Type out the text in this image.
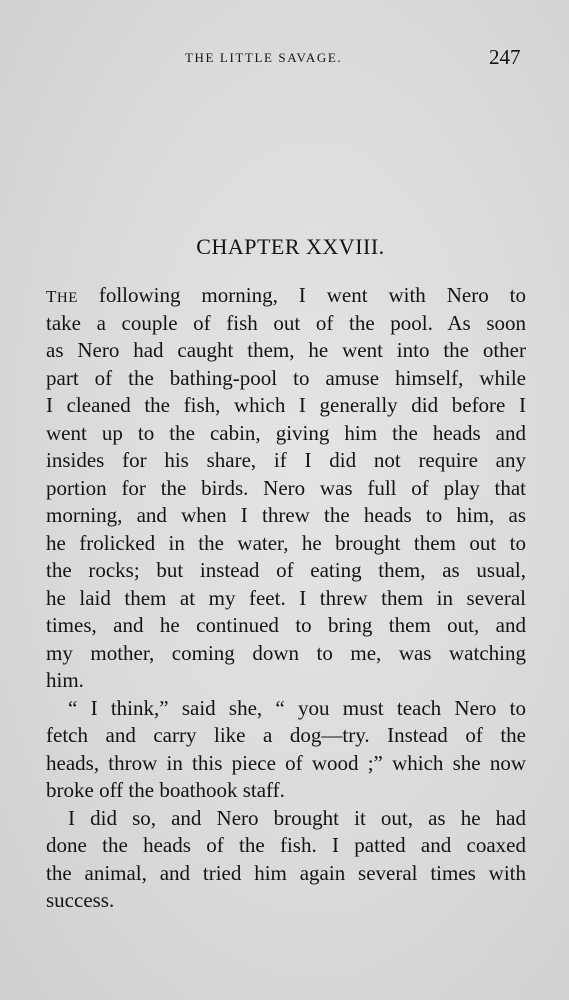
THE LITTLE SAVAGE.	247
CHAPTER XXVIII.
THE following morning, I went with Nero to
take a couple of fish out of the pool. As soon
as Nero had caught them, he went into the other
part of the bathing-pool to amuse himself, while
I cleaned the fish, which I generally did before I
went up to the cabin, giving him the heads and
insides for his share, if I did not require any
portion for the birds. Nero was full of play that
morning, and when I threw the heads to him, as
he frolicked in the water, he brought them out to
the rocks; but instead of eating them, as usual,
he laid them at my feet. I threw them in several
times, and he continued to bring them out, and
my mother, coming down to me, was watching
him.
“ I think,” said she, “ you must teach Nero to
fetch and carry like a dog—try. Instead of the
heads, throw in this piece of wood ;” which she now
broke off the boathook staff.
I did so, and Nero brought it out, as he had
done the heads of the fish. I patted and coaxed
the animal, and tried him again several times with
success.
